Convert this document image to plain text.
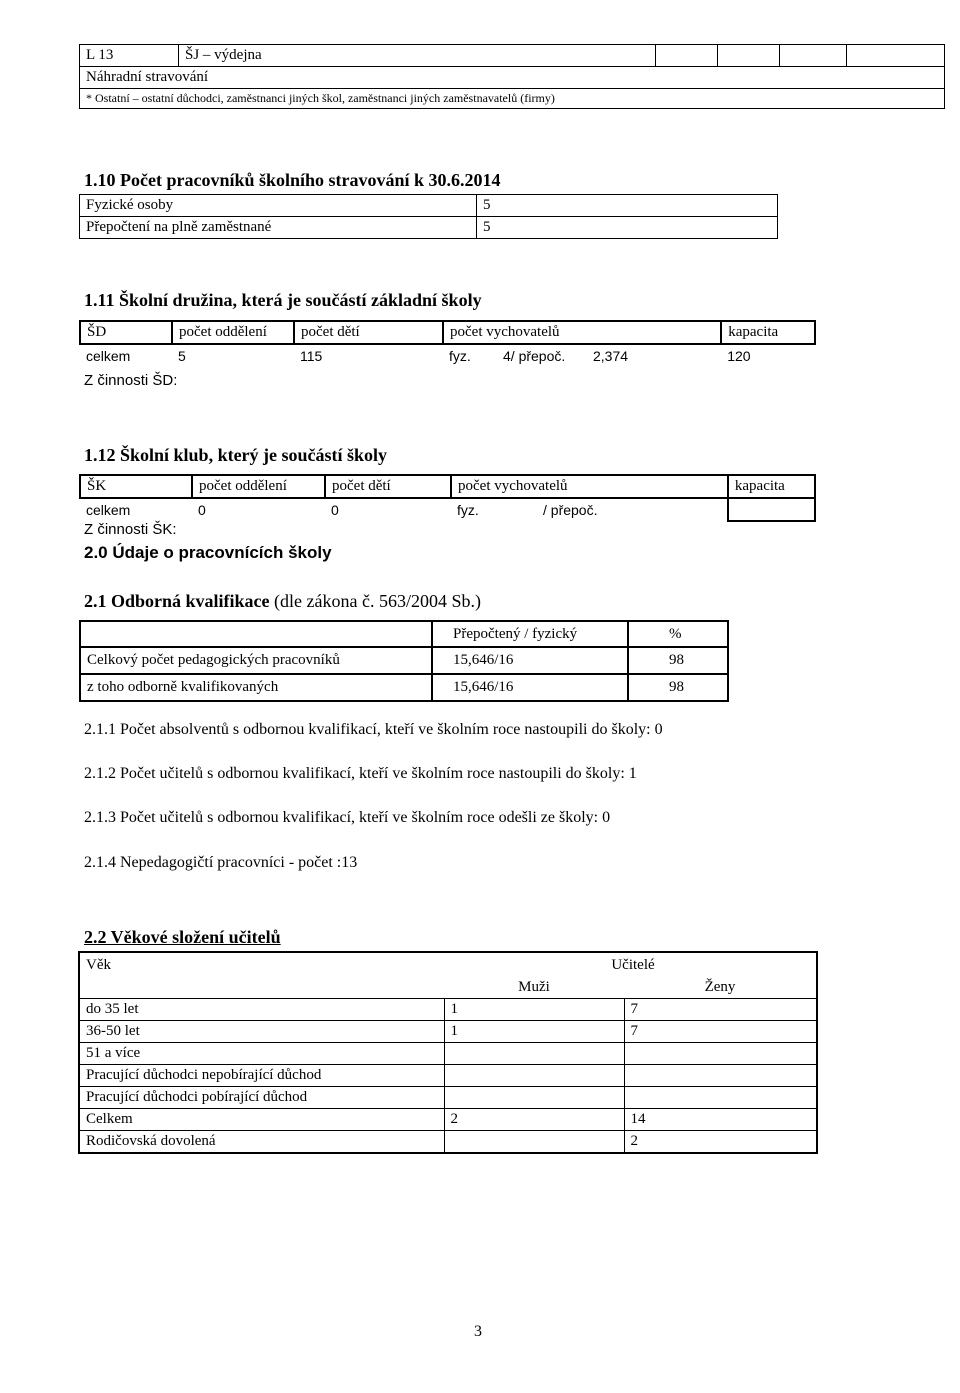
L 13	ŠJ – výdejna				
Náhradní stravování
* Ostatní – ostatní důchodci, zaměstnanci jiných škol, zaměstnanci jiných zaměstnavatelů (firmy)
1.10 Počet pracovníků školního stravování k 30.6.2014
Fyzické osoby	5
Přepočtení na plně zaměstnané	5
1.11 Školní družina, která je součástí základní školy
ŠD	počet oddělení	počet dětí	počet vychovatelů			kapacita
celkem	5	115	fyz.	4/ přepoč.	2,374	120
Z činnosti ŠD:
1.12 Školní klub, který je součástí školy
ŠK	počet oddělení	počet dětí	počet vychovatelů		kapacita
celkem	0	0	fyz.	/ přepoč.	
Z činnosti ŠK:
2.0 Údaje o pracovnících školy
2.1 Odborná kvalifikace (dle zákona č. 563/2004 Sb.)
	Přepočtený / fyzický	%
Celkový počet pedagogických pracovníků	15,646/16	98
z toho odborně kvalifikovaných	15,646/16	98
2.1.1 Počet absolventů s odbornou kvalifikací, kteří ve školním roce nastoupili do školy: 0
2.1.2 Počet učitelů s odbornou kvalifikací, kteří ve školním roce nastoupili do školy: 1
2.1.3 Počet učitelů s odbornou kvalifikací, kteří ve školním roce odešli ze školy: 0
2.1.4 Nepedagogičtí pracovníci - počet :13
2.2 Věkové složení učitelů
Věk	Učitelé	
	Muži	Ženy
do 35 let	1	7
36-50 let	1	7
51 a více		
Pracující důchodci nepobírající důchod		
Pracující důchodci pobírající důchod		
Celkem	2	14
Rodičovská dovolená		2
3
